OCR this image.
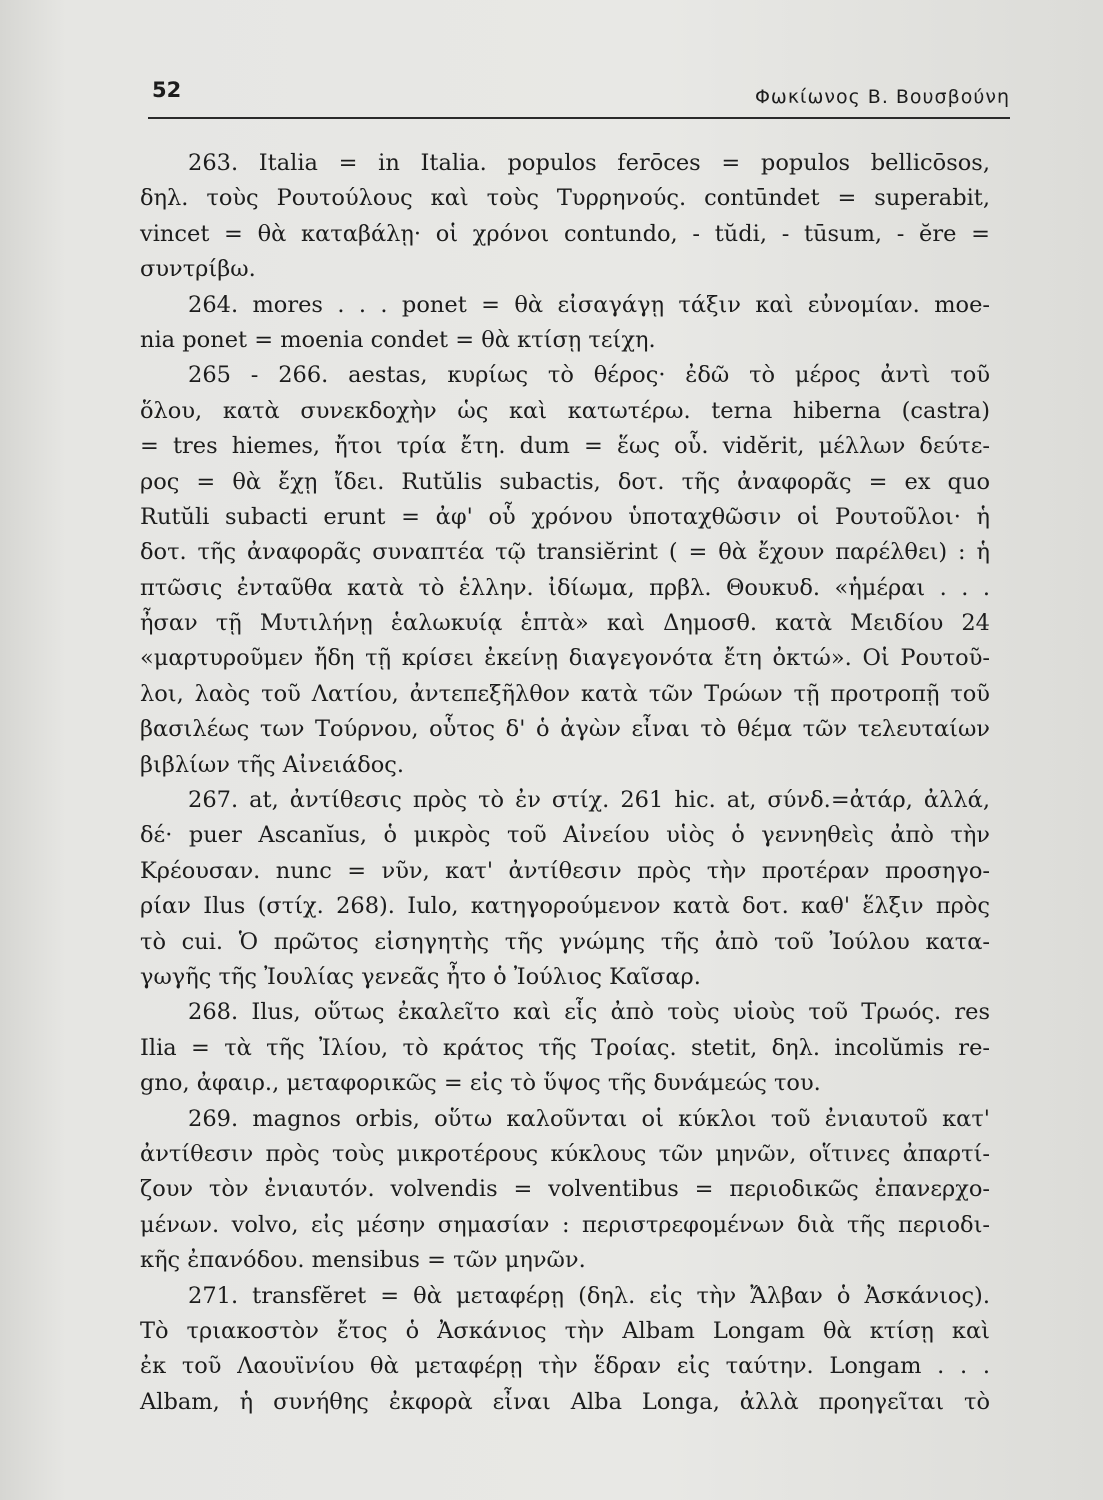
52	Φωκίωνος Β. Βουσβούνη
263. Italia = in Italia. populos ferōces = populos bellicōsos,
δηλ. τοὺς Ρουτούλους καὶ τοὺς Τυρρηνούς. contūndet = superabit,
vincet = θὰ καταβάλῃ· οἱ χρόνοι contundo, - tŭdi, - tūsum, - ĕre =
συντρίβω.
264. mores . . . ponet = θὰ εἰσαγάγῃ τάξιν καὶ εὐνομίαν. moe-
nia ponet = moenia condet = θὰ κτίσῃ τείχη.
265 - 266. aestas, κυρίως τὸ θέρος· ἐδῶ τὸ μέρος ἀντὶ τοῦ
ὅλου, κατὰ συνεκδοχὴν ὡς καὶ κατωτέρω. terna hiberna (castra)
= tres hiemes, ἤτοι τρία ἔτη. dum = ἕως οὗ. vidĕrit, μέλλων δεύτε-
ρος = θὰ ἔχῃ ἴδει. Rutŭlis subactis, δοτ. τῆς ἀναφορᾶς = ex quo
Rutŭli subacti erunt = ἀφ' οὗ χρόνου ὑποταχθῶσιν οἱ Ρουτοῦλοι· ἡ
δοτ. τῆς ἀναφορᾶς συναπτέα τῷ transiĕrint ( = θὰ ἔχουν παρέλθει) : ἡ
πτῶσις ἐνταῦθα κατὰ τὸ ἑλλην. ἰδίωμα, πρβλ. Θουκυδ. «ἡμέραι . . .
ἦσαν τῇ Μυτιλήνῃ ἑαλωκυίᾳ ἑπτὰ» καὶ Δημοσθ. κατὰ Μειδίου 24
«μαρτυροῦμεν ἤδη τῇ κρίσει ἐκείνῃ διαγεγονότα ἔτη ὀκτώ». Οἱ Ρουτοῦ-
λοι, λαὸς τοῦ Λατίου, ἀντεπεξῆλθον κατὰ τῶν Τρώων τῇ προτροπῇ τοῦ
βασιλέως των Τούρνου, οὗτος δ' ὁ ἀγὼν εἶναι τὸ θέμα τῶν τελευταίων
βιβλίων τῆς Αἰνειάδος.
267. at, ἀντίθεσις πρὸς τὸ ἐν στίχ. 261 hic. at, σύνδ.=ἀτάρ, ἀλλά,
δέ· puer Ascanĭus, ὁ μικρὸς τοῦ Αἰνείου υἱὸς ὁ γεννηθεὶς ἀπὸ τὴν
Κρέουσαν. nunc = νῦν, κατ' ἀντίθεσιν πρὸς τὴν προτέραν προσηγο-
ρίαν Ilus (στίχ. 268). Iulo, κατηγορούμενον κατὰ δοτ. καθ' ἕλξιν πρὸς
τὸ cui. Ὁ πρῶτος εἰσηγητὴς τῆς γνώμης τῆς ἀπὸ τοῦ Ἰούλου κατα-
γωγῆς τῆς Ἰουλίας γενεᾶς ἦτο ὁ Ἰούλιος Καῖσαρ.
268. Ilus, οὕτως ἐκαλεῖτο καὶ εἷς ἀπὸ τοὺς υἱοὺς τοῦ Τρωός. res
Ilia = τὰ τῆς Ἰλίου, τὸ κράτος τῆς Τροίας. stetit, δηλ. incolŭmis re-
gno, ἀφαιρ., μεταφορικῶς = εἰς τὸ ὕψος τῆς δυνάμεώς του.
269. magnos orbis, οὕτω καλοῦνται οἱ κύκλοι τοῦ ἐνιαυτοῦ κατ'
ἀντίθεσιν πρὸς τοὺς μικροτέρους κύκλους τῶν μηνῶν, οἵτινες ἀπαρτί-
ζουν τὸν ἐνιαυτόν. volvendis = volventibus = περιοδικῶς ἐπανερχο-
μένων. volvo, εἰς μέσην σημασίαν : περιστρεφομένων διὰ τῆς περιοδι-
κῆς ἐπανόδου. mensibus = τῶν μηνῶν.
271. transfĕret = θὰ μεταφέρῃ (δηλ. εἰς τὴν Ἄλβαν ὁ Ἀσκάνιος).
Τὸ τριακοστὸν ἔτος ὁ Ἀσκάνιος τὴν Albam Longam θὰ κτίσῃ καὶ
ἐκ τοῦ Λαουϊνίου θὰ μεταφέρῃ τὴν ἕδραν εἰς ταύτην. Longam . . .
Albam, ἡ συνήθης ἐκφορὰ εἶναι Alba Longa, ἀλλὰ προηγεῖται τὸ
